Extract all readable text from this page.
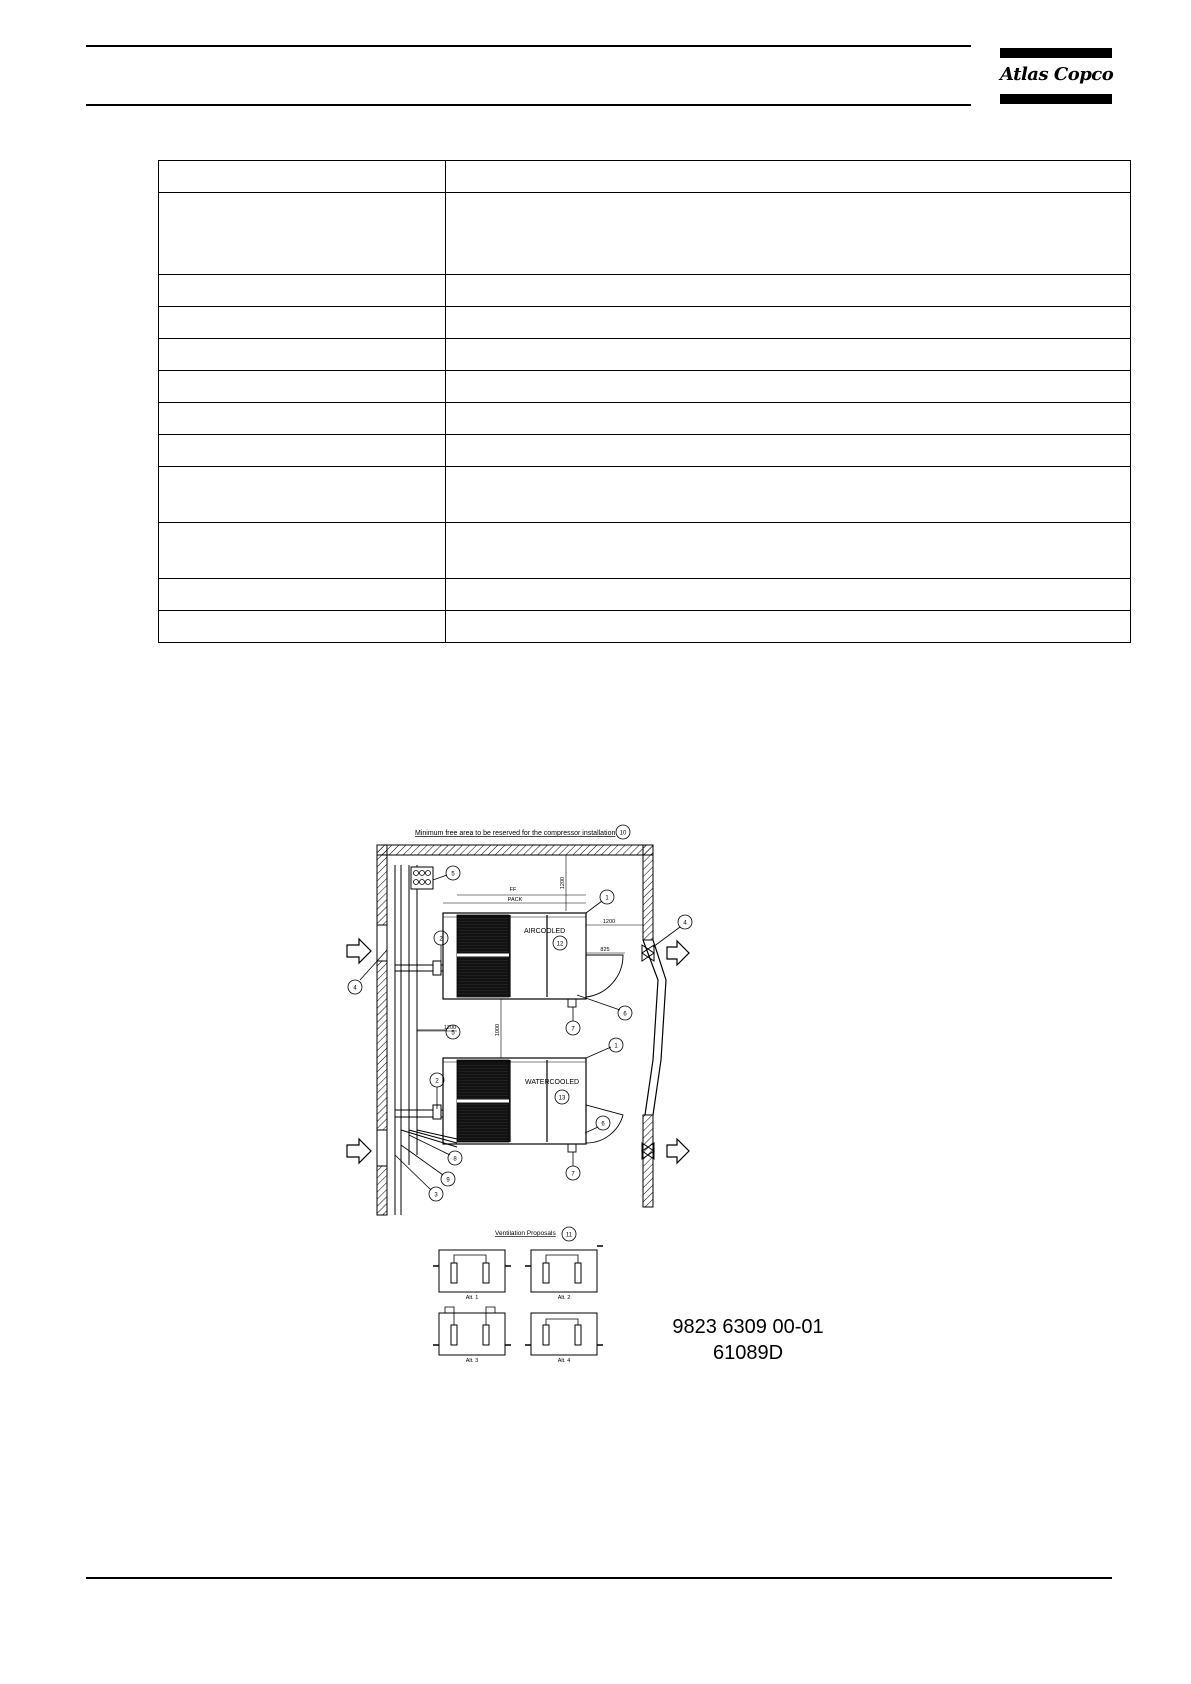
Atlas Copco

Minimum free area to be reserved for the compressor installation 10
AIRCOOLED
12
WATERCOOLED
13
FF
PACK
1200
825
1200
1200
1000
1
1
2
2
5
5
6
6
7
7
4
4
8
9
3
Ventilation Proposals 11
Alt. 1	Alt. 2
Alt. 3	Alt. 4
9823 6309 00-01
61089D
